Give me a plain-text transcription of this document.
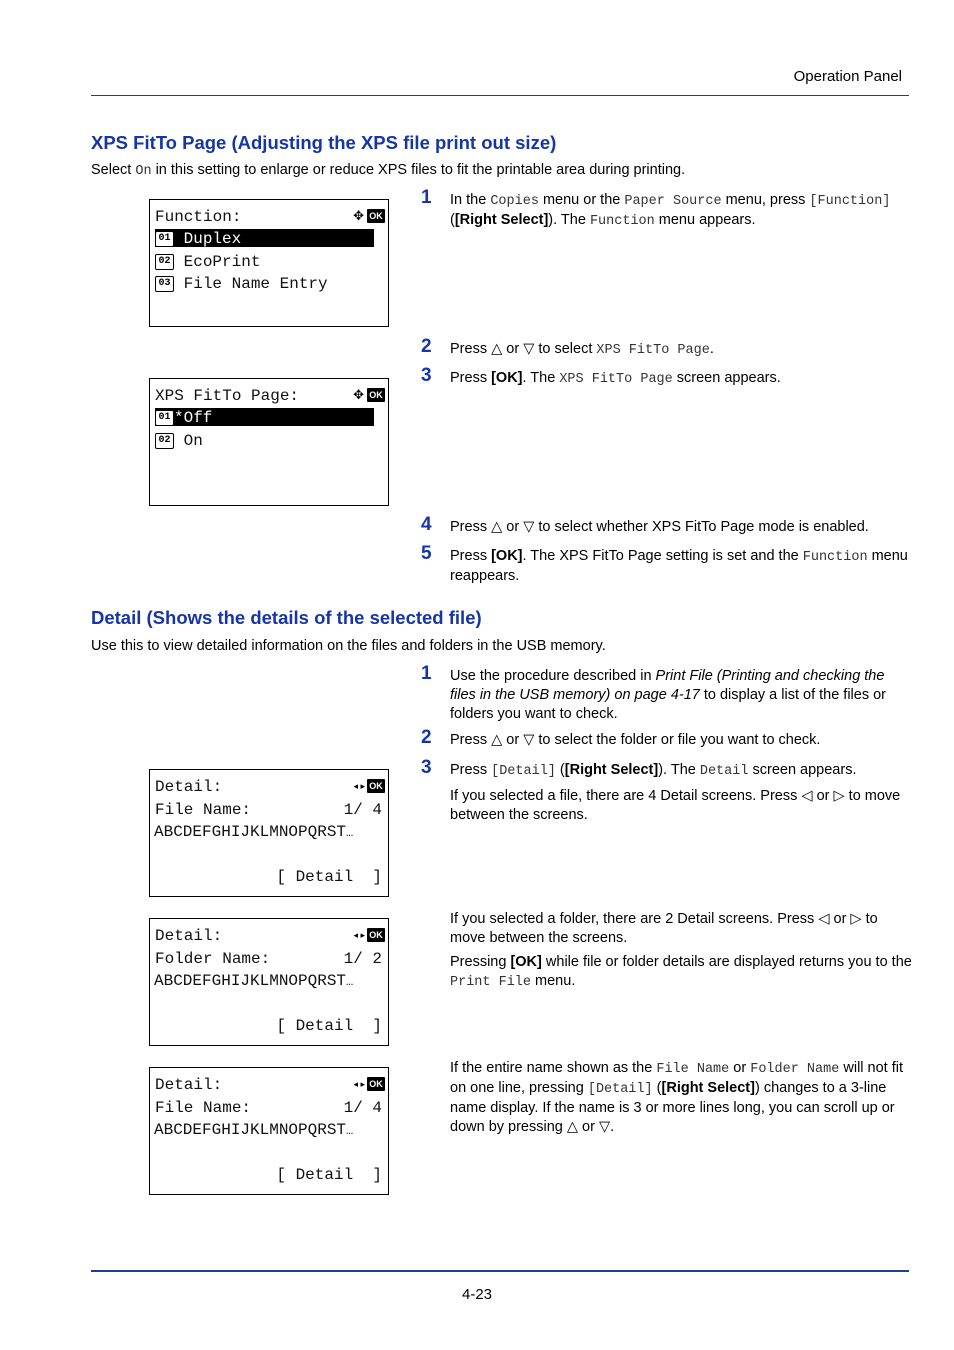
Operation Panel
XPS FitTo Page (Adjusting the XPS file print out size)
Select On in this setting to enlarge or reduce XPS files to fit the printable area during printing.
Function:	✥ OK
01 Duplex
02 EcoPrint
03 File Name Entry
XPS FitTo Page:	✥ OK
01 *Off
02 On
1 In the Copies menu or the Paper Source menu, press [Function] ([Right Select]). The Function menu appears.
2 Press △ or ▽ to select XPS FitTo Page.
3 Press [OK]. The XPS FitTo Page screen appears.
4 Press △ or ▽ to select whether XPS FitTo Page mode is enabled.
5 Press [OK]. The XPS FitTo Page setting is set and the Function menu reappears.
Detail (Shows the details of the selected file)
Use this to view detailed information on the files and folders in the USB memory.
1 Use the procedure described in Print File (Printing and checking the files in the USB memory) on page 4-17 to display a list of the files or folders you want to check.
2 Press △ or ▽ to select the folder or file you want to check.
3 Press [Detail] ([Right Select]). The Detail screen appears.
If you selected a file, there are 4 Detail screens. Press ◁ or ▷ to move between the screens.
If you selected a folder, there are 2 Detail screens. Press ◁ or ▷ to move between the screens.
Pressing [OK] while file or folder details are displayed returns you to the Print File menu.
If the entire name shown as the File Name or Folder Name will not fit on one line, pressing [Detail] ([Right Select]) changes to a 3-line name display. If the name is 3 or more lines long, you can scroll up or down by pressing △ or ▽.
Detail:	◂ ▸ OK
File Name:	1/ 4
ABCDEFGHIJKLMNOPQRST…
[ Detail  ]
Detail:	◂ ▸ OK
Folder Name:	1/ 2
ABCDEFGHIJKLMNOPQRST…
[ Detail  ]
Detail:	◂ ▸ OK
File Name:	1/ 4
ABCDEFGHIJKLMNOPQRST…
[ Detail  ]
4-23
